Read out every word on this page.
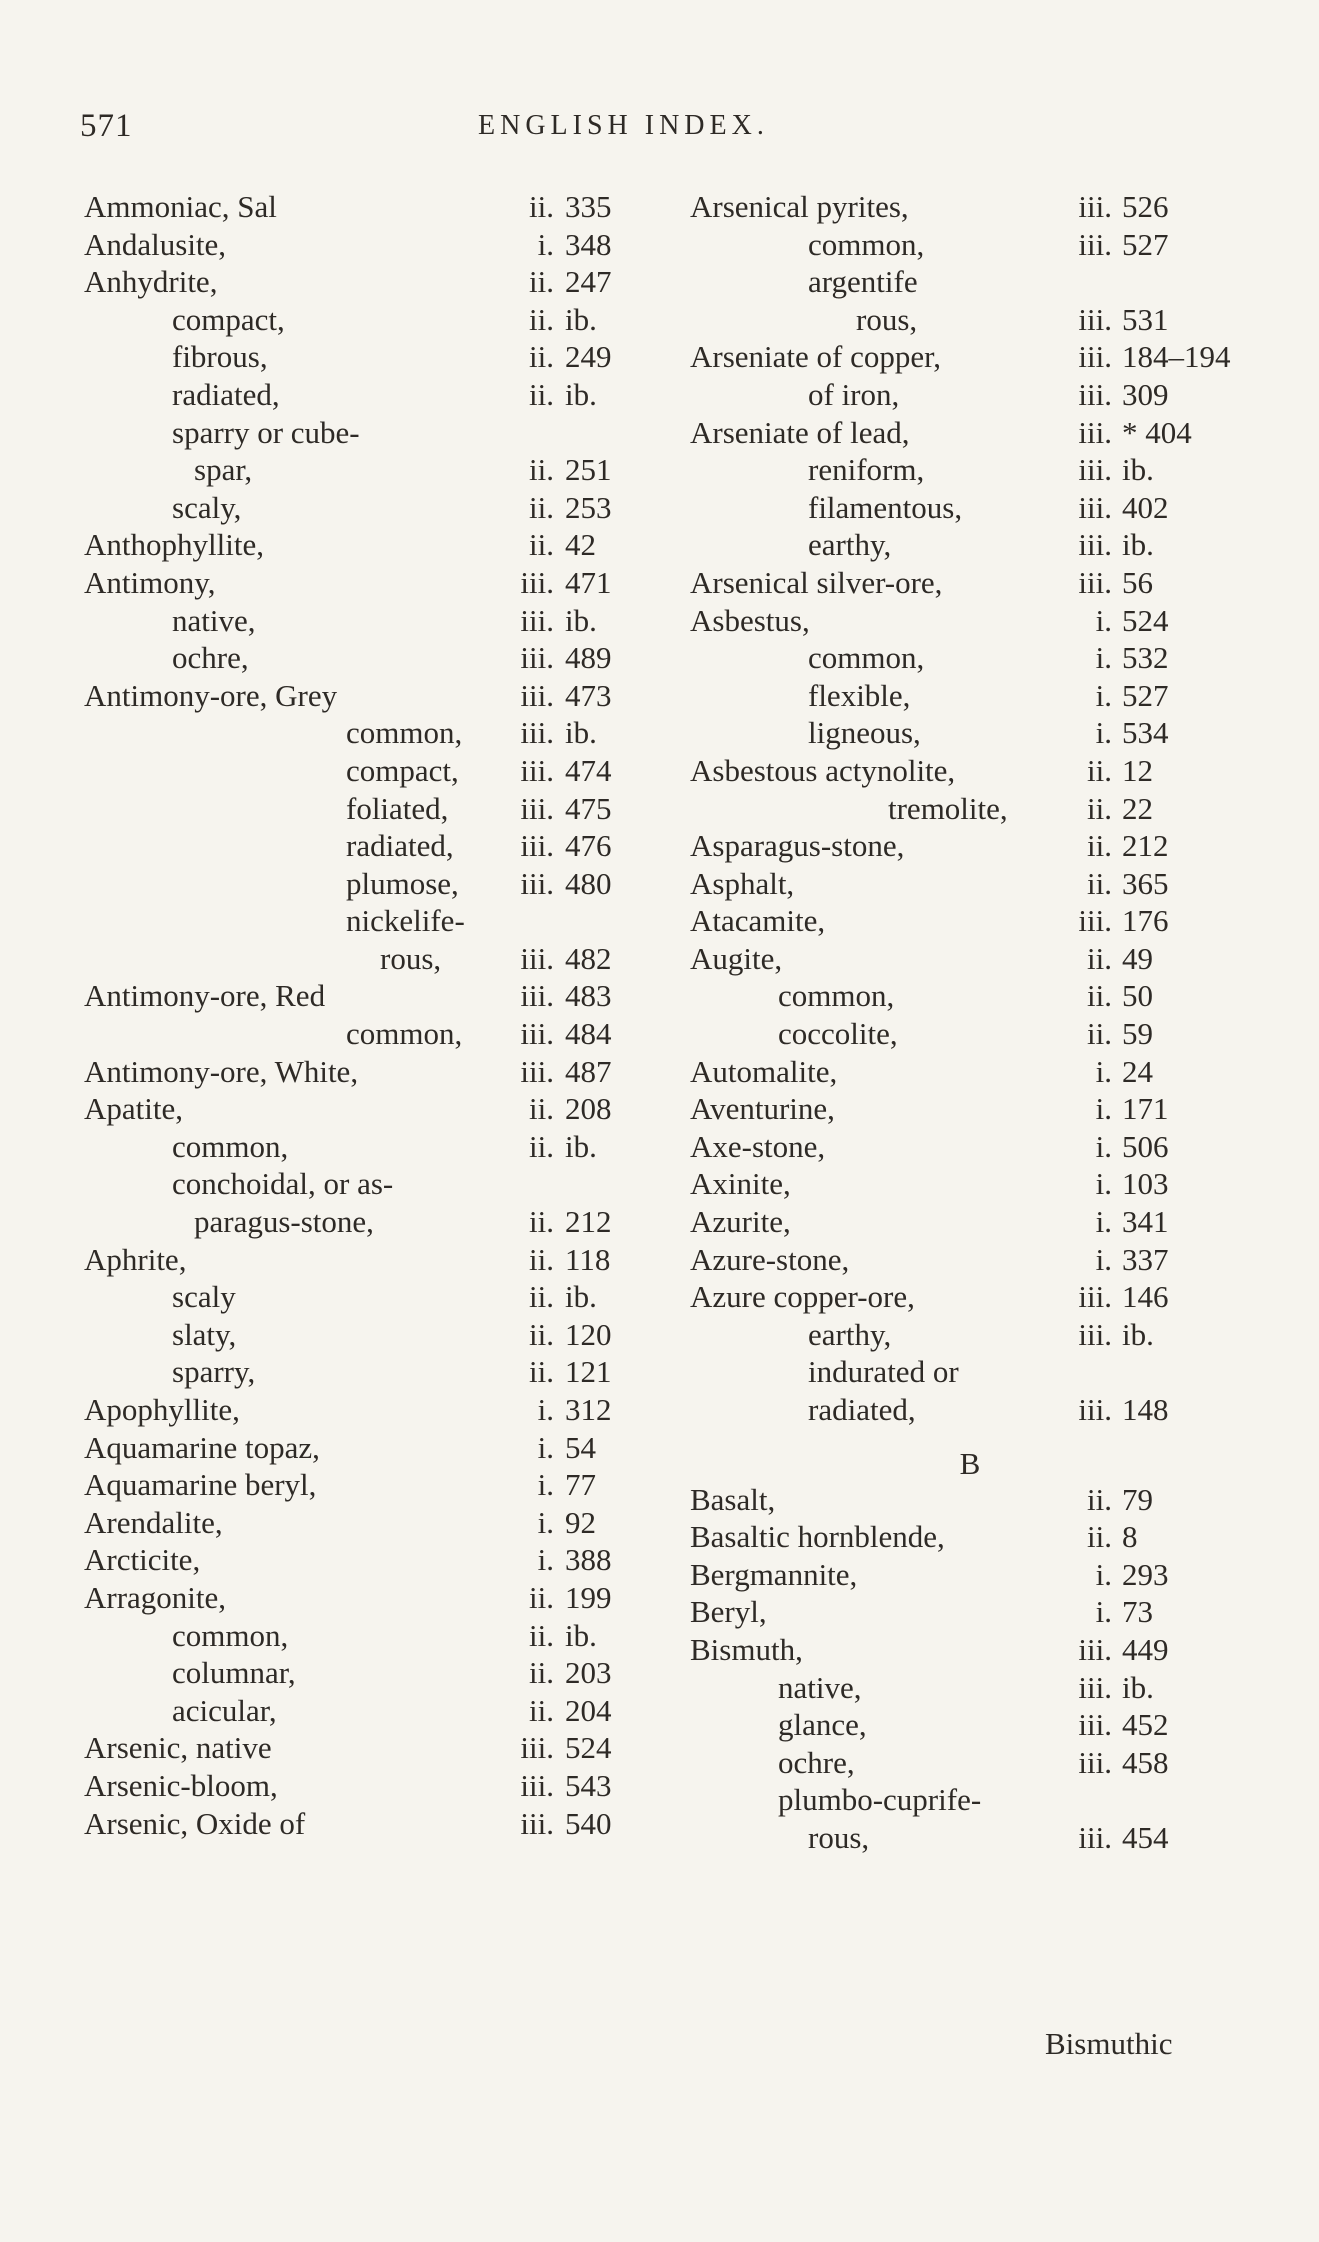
571	ENGLISH INDEX.
Ammoniac, Sal	ii. 335
Andalusite,	i. 348
Anhydrite,	ii. 247
compact,	ii. ib.
fibrous,	ii. 249
radiated,	ii. ib.
sparry or cube-
spar,	ii. 251
scaly,	ii. 253
Anthophyllite,	ii. 42
Antimony,	iii. 471
native,	iii. ib.
ochre,	iii. 489
Antimony-ore, Grey	iii. 473
common,	iii. ib.
compact,	iii. 474
foliated,	iii. 475
radiated,	iii. 476
plumose,	iii. 480
nickelife-
rous,	iii. 482
Antimony-ore, Red	iii. 483
common,	iii. 484
Antimony-ore, White,	iii. 487
Apatite,	ii. 208
common,	ii. ib.
conchoidal, or as-
paragus-stone,	ii. 212
Aphrite,	ii. 118
scaly	ii. ib.
slaty,	ii. 120
sparry,	ii. 121
Apophyllite,	i. 312
Aquamarine topaz,	i. 54
Aquamarine beryl,	i. 77
Arendalite,	i. 92
Arcticite,	i. 388
Arragonite,	ii. 199
common,	ii. ib.
columnar,	ii. 203
acicular,	ii. 204
Arsenic, native	iii. 524
Arsenic-bloom,	iii. 543
Arsenic, Oxide of	iii. 540
Arsenical pyrites,	iii. 526
common,	iii. 527
argentife
rous,	iii. 531
Arseniate of copper,	iii. 184–194
of iron,	iii. 309
Arseniate of lead,	iii. * 404
reniform,	iii. ib.
filamentous,	iii. 402
earthy,	iii. ib.
Arsenical silver-ore,	iii. 56
Asbestus,	i. 524
common,	i. 532
flexible,	i. 527
ligneous,	i. 534
Asbestous actynolite,	ii. 12
tremolite,	ii. 22
Asparagus-stone,	ii. 212
Asphalt,	ii. 365
Atacamite,	iii. 176
Augite,	ii. 49
common,	ii. 50
coccolite,	ii. 59
Automalite,	i. 24
Aventurine,	i. 171
Axe-stone,	i. 506
Axinite,	i. 103
Azurite,	i. 341
Azure-stone,	i. 337
Azure copper-ore,	iii. 146
earthy,	iii. ib.
indurated or
radiated,	iii. 148
B
Basalt,	ii. 79
Basaltic hornblende,	ii. 8
Bergmannite,	i. 293
Beryl,	i. 73
Bismuth,	iii. 449
native,	iii. ib.
glance,	iii. 452
ochre,	iii. 458
plumbo-cuprife-
rous,	iii. 454
Bismuthic
